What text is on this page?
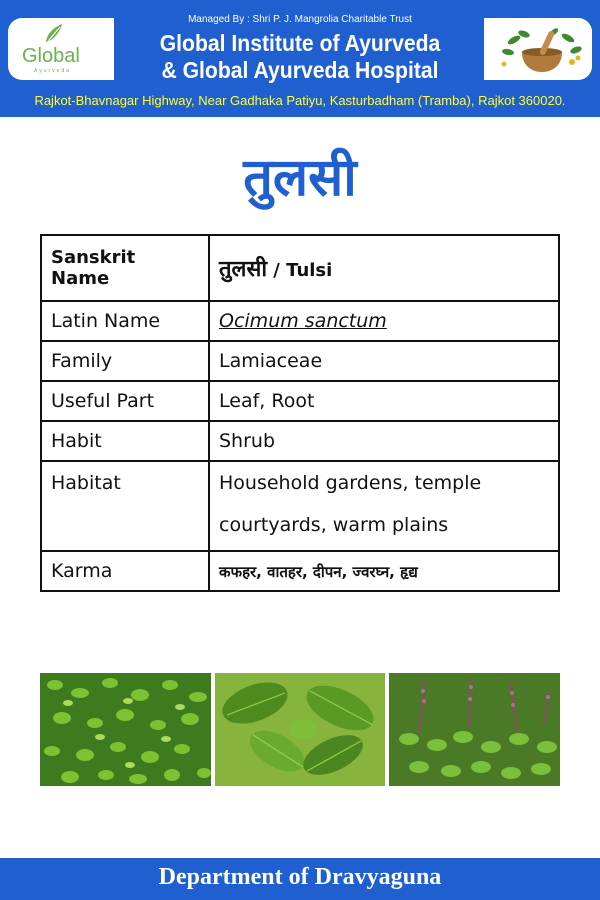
Global
Ayurveda
Managed By : Shri P. J. Mangrolia Charitable Trust
Global Institute of Ayurveda
& Global Ayurveda Hospital
Rajkot-Bhavnagar Highway, Near Gadhaka Patiyu, Kasturbadham (Tramba), Rajkot 360020.
तुलसी
Sanskrit Name	तुलसी / Tulsi
Latin Name	Ocimum sanctum
Family	Lamiaceae
Useful Part	Leaf, Root
Habit	Shrub
Habitat	Household gardens, temple courtyards, warm plains
Karma	कफहर, वातहर, दीपन, ज्वरघ्न, हृद्य
Department of Dravyaguna
